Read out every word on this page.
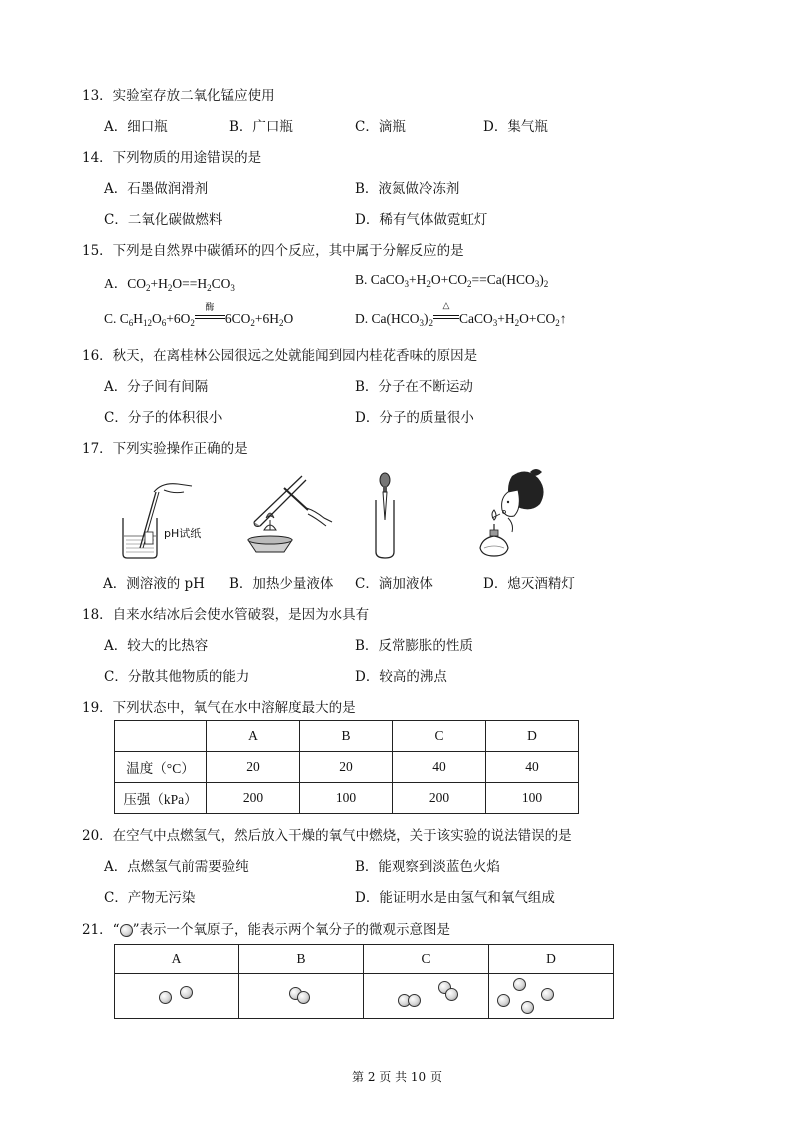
13．实验室存放二氧化锰应使用
A．细口瓶	B．广口瓶	C．滴瓶	D．集气瓶
14．下列物质的用途错误的是
A．石墨做润滑剂	B．液氮做冷冻剂
C．二氧化碳做燃料	D．稀有气体做霓虹灯
15．下列是自然界中碳循环的四个反应，其中属于分解反应的是
A．$CO_2+H_2O==H_2CO_3$
B. $CaCO_3+H_2O+CO_2==Ca(HCO_3)_2$
C. $C_6H_{12}O_6+6O_2$
酶
$6CO_2+6H_2O$	D. $Ca(HCO_3)_2$
△
$CaCO_3+H_2O+CO_2↑$
16．秋天，在离桂林公园很远之处就能闻到园内桂花香味的原因是
A．分子间有间隔	B．分子在不断运动
C．分子的体积很小	D．分子的质量很小
17．下列实验操作正确的是
pH试纸
A．测溶液的 pH B．加热少量液体 C．滴加液体	D．熄灭酒精灯
18．自来水结冰后会使水管破裂，是因为水具有
A．较大的比热容	B．反常膨胀的性质
C．分散其他物质的能力	D．较高的沸点
19．下列状态中，氧气在水中溶解度最大的是
	A	B	C	D
温度（°C）	20	20	40	40
压强（kPa）	200	100	200	100
20．在空气中点燃氢气，然后放入干燥的氧气中燃烧，关于该实验的说法错误的是
A．点燃氢气前需要验纯	B．能观察到淡蓝色火焰
C．产物无污染	D．能证明水是由氢气和氧气组成
21．“ ”表示一个氧原子，能表示两个氧分子的微观示意图是
A	B	C	D

第 2 页 共 10 页
